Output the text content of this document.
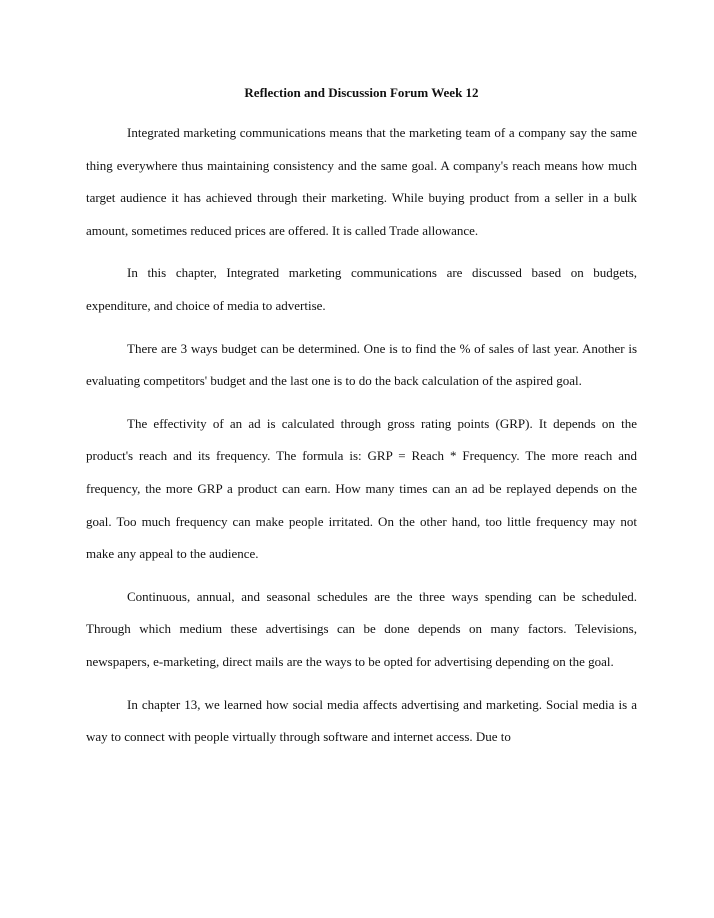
Reflection and Discussion Forum Week 12

Integrated marketing communications means that the marketing team of a company say the same thing everywhere thus maintaining consistency and the same goal. A company's reach means how much target audience it has achieved through their marketing. While buying product from a seller in a bulk amount, sometimes reduced prices are offered. It is called Trade allowance.

In this chapter, Integrated marketing communications are discussed based on budgets, expenditure, and choice of media to advertise.

There are 3 ways budget can be determined. One is to find the % of sales of last year. Another is evaluating competitors' budget and the last one is to do the back calculation of the aspired goal.

The effectivity of an ad is calculated through gross rating points (GRP). It depends on the product's reach and its frequency. The formula is: GRP = Reach * Frequency. The more reach and frequency, the more GRP a product can earn. How many times can an ad be replayed depends on the goal. Too much frequency can make people irritated. On the other hand, too little frequency may not make any appeal to the audience.

Continuous, annual, and seasonal schedules are the three ways spending can be scheduled. Through which medium these advertisings can be done depends on many factors. Televisions, newspapers, e-marketing, direct mails are the ways to be opted for advertising depending on the goal.

In chapter 13, we learned how social media affects advertising and marketing. Social media is a way to connect with people virtually through software and internet access. Due to
